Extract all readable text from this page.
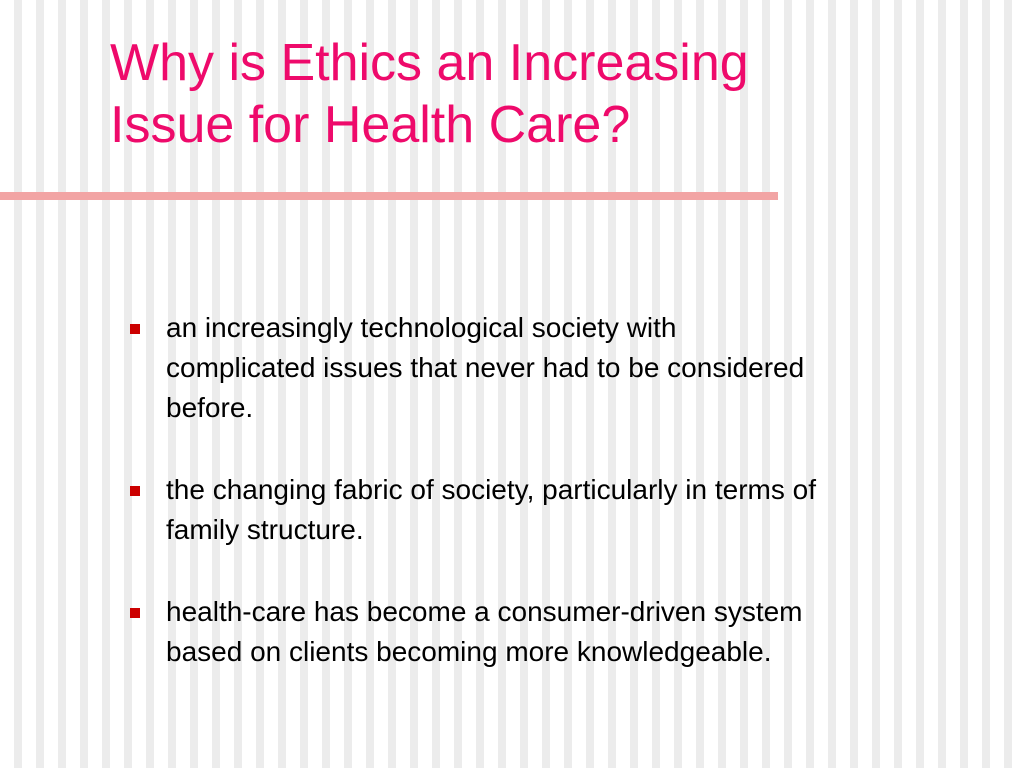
Why is Ethics an Increasing
Issue for Health Care?
an increasingly technological society with
complicated issues that never had to be considered
before.
the changing fabric of society, particularly in terms of
family structure.
health-care has become a consumer-driven system
based on clients becoming more knowledgeable.
